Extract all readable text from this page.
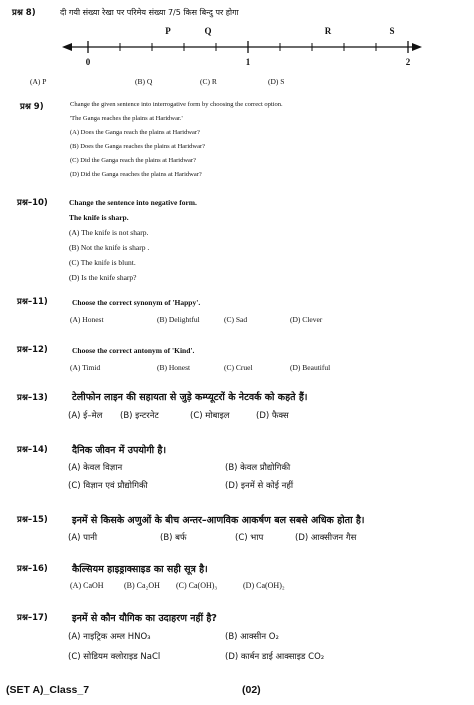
प्रश्न 8)	दी गयी संख्या रेखा पर परिमेय संख्या 7/5 किस बिन्दु पर होगा
P	Q	R	S
0	1	2
(A) P	(B) Q	(C) R	(D) S
प्रश्न 9)	Change the given sentence into interrogative form by choosing the correct option.
'The Ganga reaches the plains at Haridwar.'
(A) Does the Ganga reach the plains at Haridwar?
(B) Does the Ganga reaches the plains at Haridwar?
(C) Did the Ganga reach the plains at Haridwar?
(D) Did the Ganga reaches the plains at Haridwar?
प्रश्न–10)	Change the sentence into negative form.
The knife is sharp.
(A) The knife is not sharp.
(B) Not the knife is sharp .
(C) The knife is blunt.
(D) Is the knife sharp?
प्रश्न–11)	Choose the correct synonym of 'Happy'.
(A) Honest	(B) Delightful	(C) Sad	(D) Clever
प्रश्न–12)	Choose the correct antonym of 'Kind'.
(A) Timid	(B) Honest	(C) Cruel	(D) Beautiful
प्रश्न–13)	टेलीफोन लाइन की सहायता से जुड़े कम्प्यूटरों के नेटवर्क को कहते हैं।
(A) ई–मेल (B) इन्टरनेट	(C) मोबाइल	(D) फैक्स
प्रश्न–14)	दैनिक जीवन में उपयोगी है।
(A) केवल विज्ञान	(B) केवल प्रौद्योगिकी
(C) विज्ञान एवं प्रौद्योगिकी	(D) इनमें से कोई नहीं
प्रश्न–15)	इनमें से किसके अणुओं के बीच अन्तर–आणविक आकर्षण बल सबसे अधिक होता है।
(A) पानी	(B) बर्फ	(C) भाप	(D) आक्सीजन गैस
प्रश्न–16)	कैल्सियम हाइड्राक्साइड का सही सूत्र है।
(A) CaOH	(B) Ca₂OH (C) Ca(OH)₃	(D) Ca(OH)₂
प्रश्न–17)	इनमें से कौन यौगिक का उदाहरण नहीं है?
(A) नाइट्रिक अम्ल HNO₃	(B) आक्सीन O₂
(C) सोडियम क्लोराइड NaCl	(D) कार्बन डाई आक्साइड CO₂
(SET A)_Class_7	(02)
